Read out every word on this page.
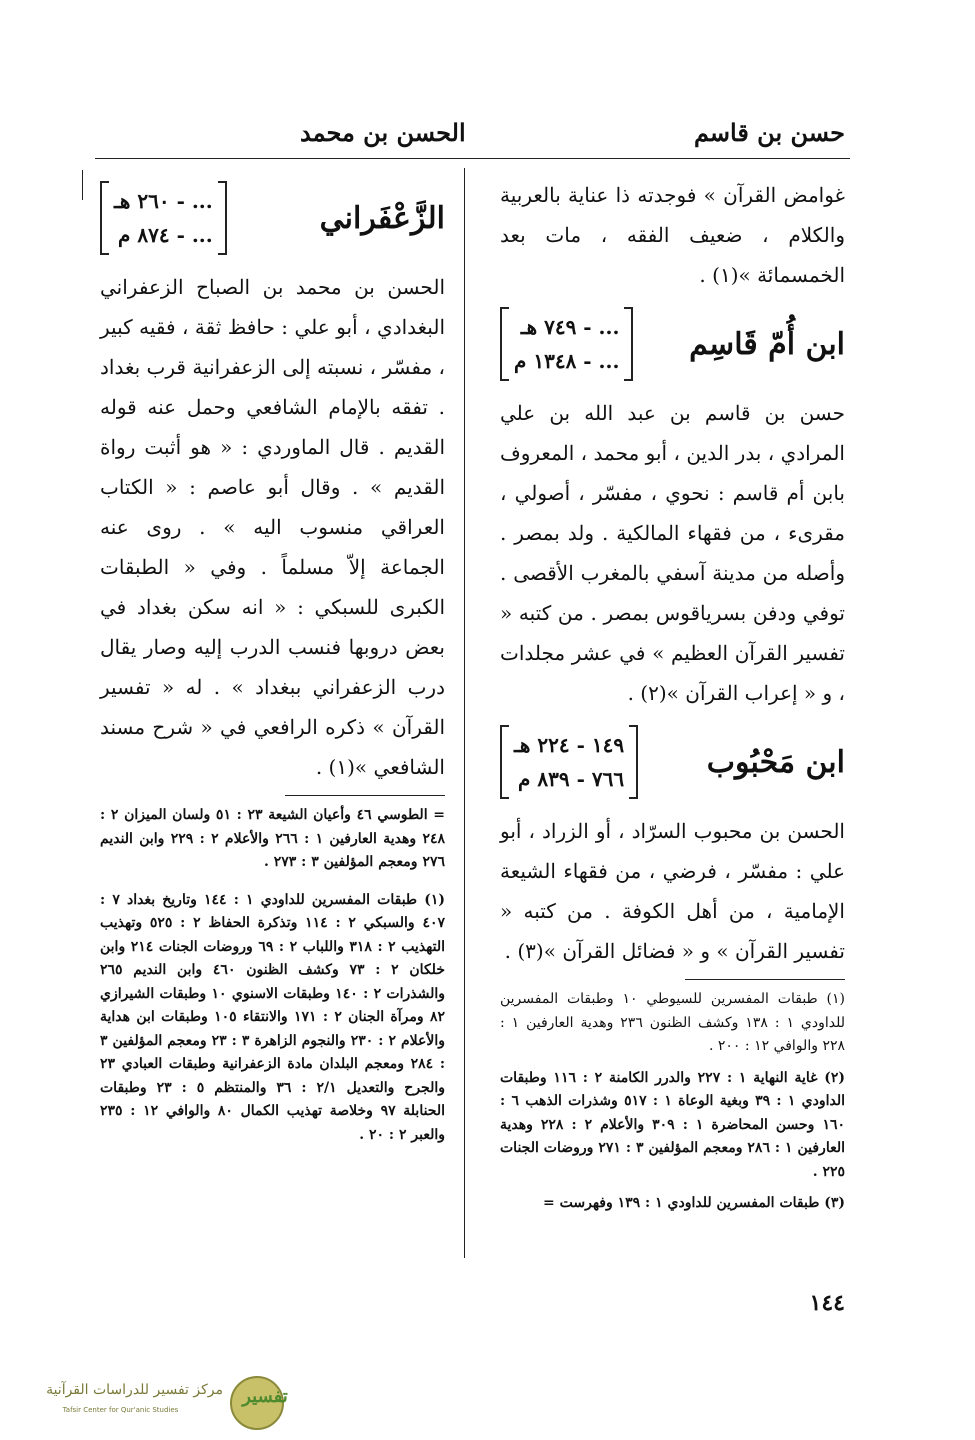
حسن بن قاسم
الحسن بن محمد

غوامض القرآن » فوجدته ذا عناية بالعربية والكلام ، ضعيف الفقه ، مات بعد الخمسمائة »(١) .

ابن أُمّ قَاسِم
... - ٧٤٩ هـ
... - ١٣٤٨ م

حسن بن قاسم بن عبد الله بن علي المرادي ، بدر الدين ، أبو محمد ، المعروف بابن أم قاسم : نحوي ، مفسّر ، أصولي ، مقرىء ، من فقهاء المالكية . ولد بمصر . وأصله من مدينة آسفي بالمغرب الأقصى . توفي ودفن بسرياقوس بمصر . من كتبه « تفسير القرآن العظيم » في عشر مجلدات ، و « إعراب القرآن »(٢) .

ابن مَحْبُوب
١٤٩ - ٢٢٤ هـ
٧٦٦ - ٨٣٩ م

الحسن بن محبوب السرّاد ، أو الزراد ، أبو علي : مفسّر ، فرضي ، من فقهاء الشيعة الإمامية ، من أهل الكوفة . من كتبه « تفسير القرآن » و « فضائل القرآن »(٣) .

(١) طبقات المفسرين للسيوطي ١٠ وطبقات المفسرين للداودي ١ : ١٣٨ وكشف الظنون ٢٣٦ وهدية العارفين ١ : ٢٢٨ والوافي ١٢ : ٢٠٠ .

(٢) غاية النهاية ١ : ٢٢٧ والدرر الكامنة ٢ : ١١٦ وطبقات الداودي ١ : ٣٩ وبغية الوعاة ١ : ٥١٧ وشذرات الذهب ٦ : ١٦٠ وحسن المحاضرة ١ : ٣٠٩ والأعلام ٢ : ٢٢٨ وهدية العارفين ١ : ٢٨٦ ومعجم المؤلفين ٣ : ٢٧١ وروضات الجنات ٢٢٥ .

(٣) طبقات المفسرين للداودي ١ : ١٣٩ وفهرست =

الزَّعْفَراني
... - ٢٦٠ هـ
... - ٨٧٤ م

الحسن بن محمد بن الصباح الزعفراني البغدادي ، أبو علي : حافظ ثقة ، فقيه كبير ، مفسّر ، نسبته إلى الزعفرانية قرب بغداد . تفقه بالإمام الشافعي وحمل عنه قوله القديم . قال الماوردي : « هو أثبت رواة القديم » . وقال أبو عاصم : « الكتاب العراقي منسوب اليه » . روى عنه الجماعة إلاّ مسلماً . وفي « الطبقات الكبرى للسبكي : « انه سكن بغداد في بعض دروبها فنسب الدرب إليه وصار يقال درب الزعفراني ببغداد » . له « تفسير القرآن » ذكره الرافعي في « شرح مسند الشافعي »(١) .

= الطوسي ٤٦ وأعيان الشيعة ٢٣ : ٥١ ولسان الميزان ٢ : ٢٤٨ وهدية العارفين ١ : ٢٦٦ والأعلام ٢ : ٢٢٩ وابن النديم ٢٧٦ ومعجم المؤلفين ٣ : ٢٧٣ .

(١) طبقات المفسرين للداودي ١ : ١٤٤ وتاريخ بغداد ٧ : ٤٠٧ والسبكي ٢ : ١١٤ وتذكرة الحفاظ ٢ : ٥٢٥ وتهذيب التهذيب ٢ : ٣١٨ واللباب ٢ : ٦٩ وروضات الجنات ٢١٤ وابن خلكان ٢ : ٧٣ وكشف الظنون ٤٦٠ وابن النديم ٢٦٥ والشذرات ٢ : ١٤٠ وطبقات الاسنوي ١٠ وطبقات الشيرازي ٨٢ ومرآة الجنان ٢ : ١٧١ والانتقاء ١٠٥ وطبقات ابن هداية والأعلام ٢ : ٢٣٠ والنجوم الزاهرة ٣ : ٢٣ ومعجم المؤلفين ٣ : ٢٨٤ ومعجم البلدان مادة الزعفرانية وطبقات العبادي ٢٣ والجرح والتعديل ٢/١ : ٣٦ والمنتظم ٥ : ٢٣ وطبقات الحنابلة ٩٧ وخلاصة تهذيب الكمال ٨٠ والوافي ١٢ : ٢٣٥ والعبر ٢ : ٢٠ .

١٤٤
تفسير
مركز تفسير للدراسات القرآنية
Tafsir Center for Qur'anic Studies
